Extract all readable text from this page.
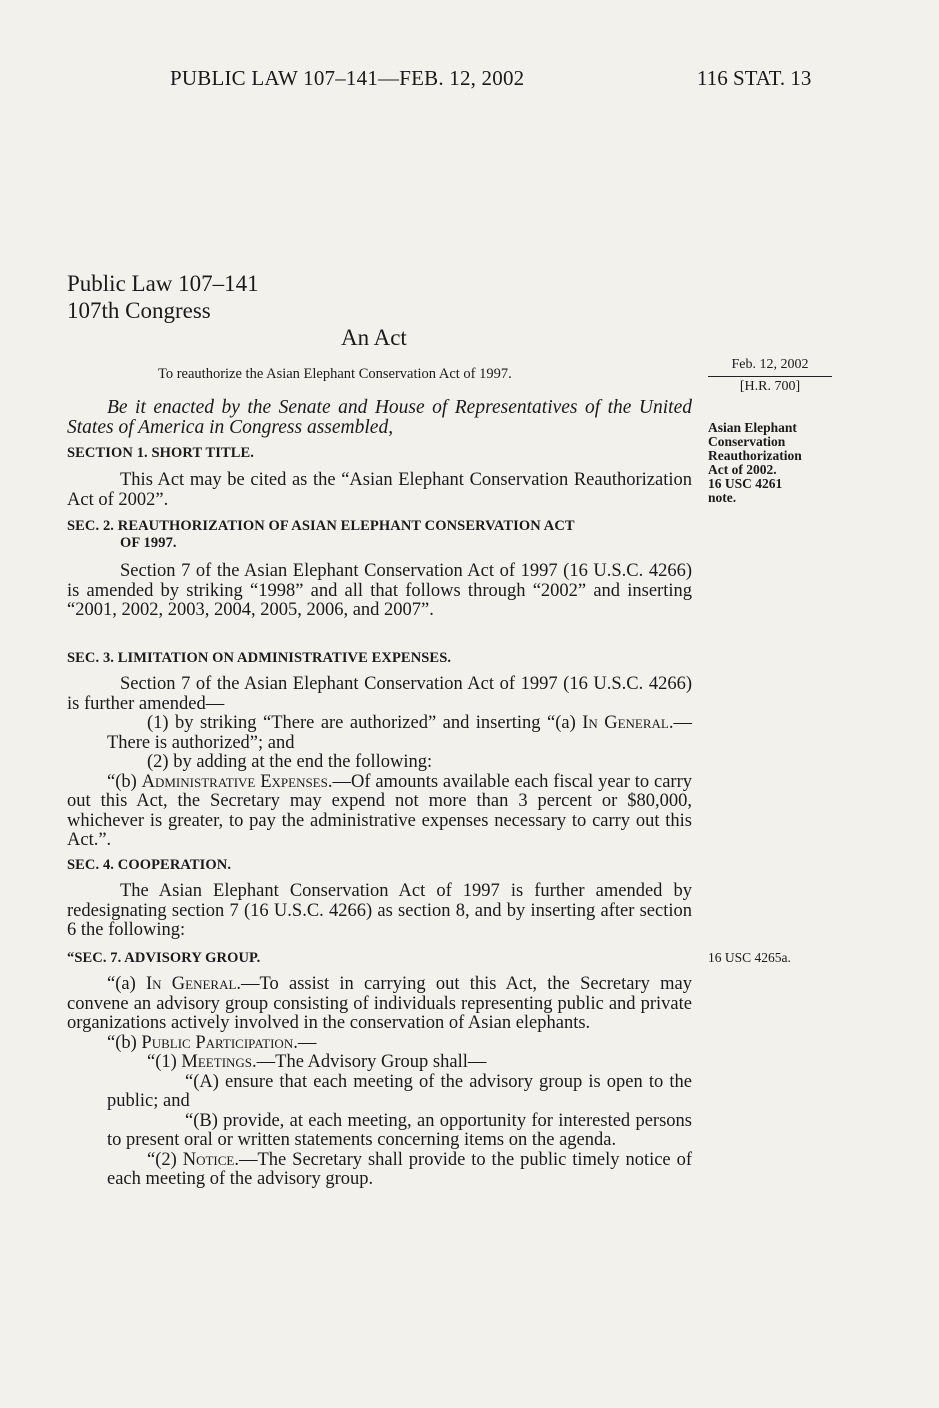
PUBLIC LAW 107–141—FEB. 12, 2002	116 STAT. 13
Public Law 107–141
107th Congress
An Act
To reauthorize the Asian Elephant Conservation Act of 1997.
Feb. 12, 2002
[H.R. 700]
Asian Elephant
Conservation
Reauthorization
Act of 2002.
16 USC 4261
note.
16 USC 4265a.

Be it enacted by the Senate and House of Representatives of the United States of America in Congress assembled,

SECTION 1. SHORT TITLE.

This Act may be cited as the “Asian Elephant Conservation Reauthorization Act of 2002”.

SEC. 2. REAUTHORIZATION OF ASIAN ELEPHANT CONSERVATION ACT

OF 1997.

Section 7 of the Asian Elephant Conservation Act of 1997 (16 U.S.C. 4266) is amended by striking “1998” and all that follows through “2002” and inserting “2001, 2002, 2003, 2004, 2005, 2006, and 2007”.

SEC. 3. LIMITATION ON ADMINISTRATIVE EXPENSES.

Section 7 of the Asian Elephant Conservation Act of 1997 (16 U.S.C. 4266) is further amended—

(1) by striking “There are authorized” and inserting “(a) In General.—There is authorized”; and

(2) by adding at the end the following:

“(b) Administrative Expenses.—Of amounts available each fiscal year to carry out this Act, the Secretary may expend not more than 3 percent or $80,000, whichever is greater, to pay the administrative expenses necessary to carry out this Act.”.

SEC. 4. COOPERATION.

The Asian Elephant Conservation Act of 1997 is further amended by redesignating section 7 (16 U.S.C. 4266) as section 8, and by inserting after section 6 the following:

“SEC. 7. ADVISORY GROUP.

“(a) In General.—To assist in carrying out this Act, the Secretary may convene an advisory group consisting of individuals representing public and private organizations actively involved in the conservation of Asian elephants.

“(b) Public Participation.—

“(1) Meetings.—The Advisory Group shall—

“(A) ensure that each meeting of the advisory group is open to the public; and

“(B) provide, at each meeting, an opportunity for interested persons to present oral or written statements concerning items on the agenda.

“(2) Notice.—The Secretary shall provide to the public timely notice of each meeting of the advisory group.
